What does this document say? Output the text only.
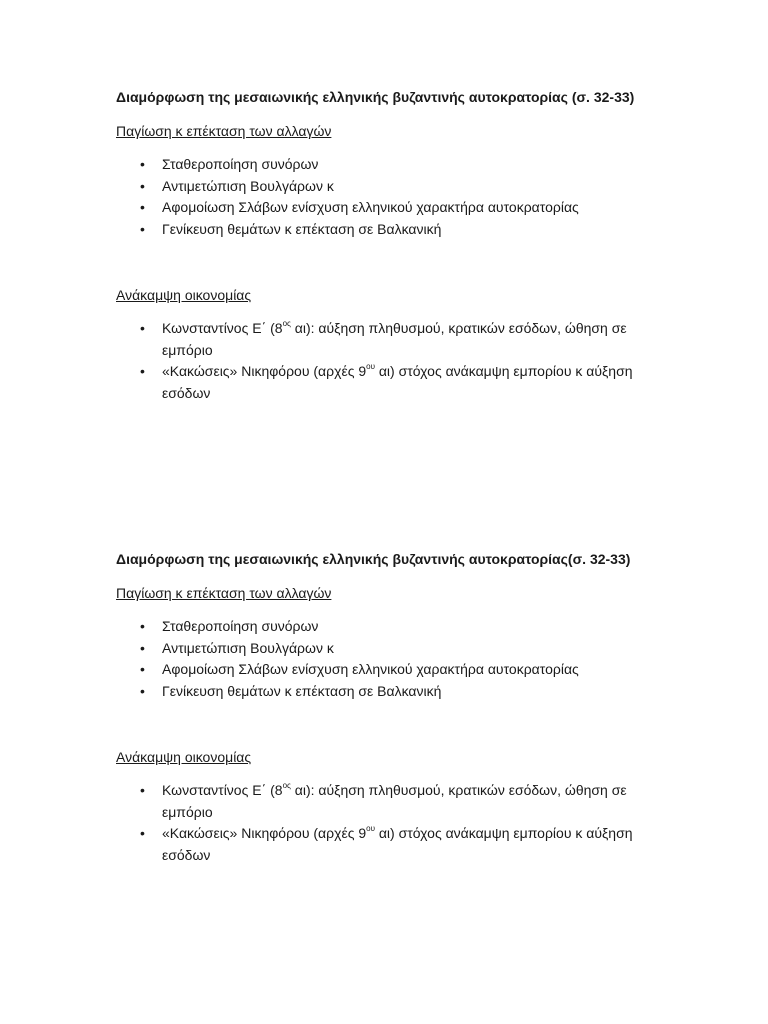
Διαμόρφωση της μεσαιωνικής ελληνικής βυζαντινής αυτοκρατορίας (σ. 32-33)

Παγίωση κ επέκταση των αλλαγών

• Σταθεροποίηση συνόρων
• Αντιμετώπιση Βουλγάρων κ
• Αφομοίωση Σλάβων ενίσχυση ελληνικού χαρακτήρα αυτοκρατορίας
• Γενίκευση θεμάτων κ επέκταση σε Βαλκανική

Ανάκαμψη οικονομίας

• Κωνσταντίνος Ε΄ ($8^{o\varsigma}$ αι): αύξηση πληθυσμού, κρατικών εσόδων, ώθηση σε εμπόριο
• «Κακώσεις» Νικηφόρου (αρχές $9^{o\upsilon}$ αι) στόχος ανάκαμψη εμπορίου κ αύξηση εσόδων

Διαμόρφωση της μεσαιωνικής ελληνικής βυζαντινής αυτοκρατορίας(σ. 32-33)

Παγίωση κ επέκταση των αλλαγών

• Σταθεροποίηση συνόρων
• Αντιμετώπιση Βουλγάρων κ
• Αφομοίωση Σλάβων ενίσχυση ελληνικού χαρακτήρα αυτοκρατορίας
• Γενίκευση θεμάτων κ επέκταση σε Βαλκανική

Ανάκαμψη οικονομίας

• Κωνσταντίνος Ε΄ ($8^{o\varsigma}$ αι): αύξηση πληθυσμού, κρατικών εσόδων, ώθηση σε εμπόριο
• «Κακώσεις» Νικηφόρου (αρχές $9^{o\upsilon}$ αι) στόχος ανάκαμψη εμπορίου κ αύξηση εσόδων
